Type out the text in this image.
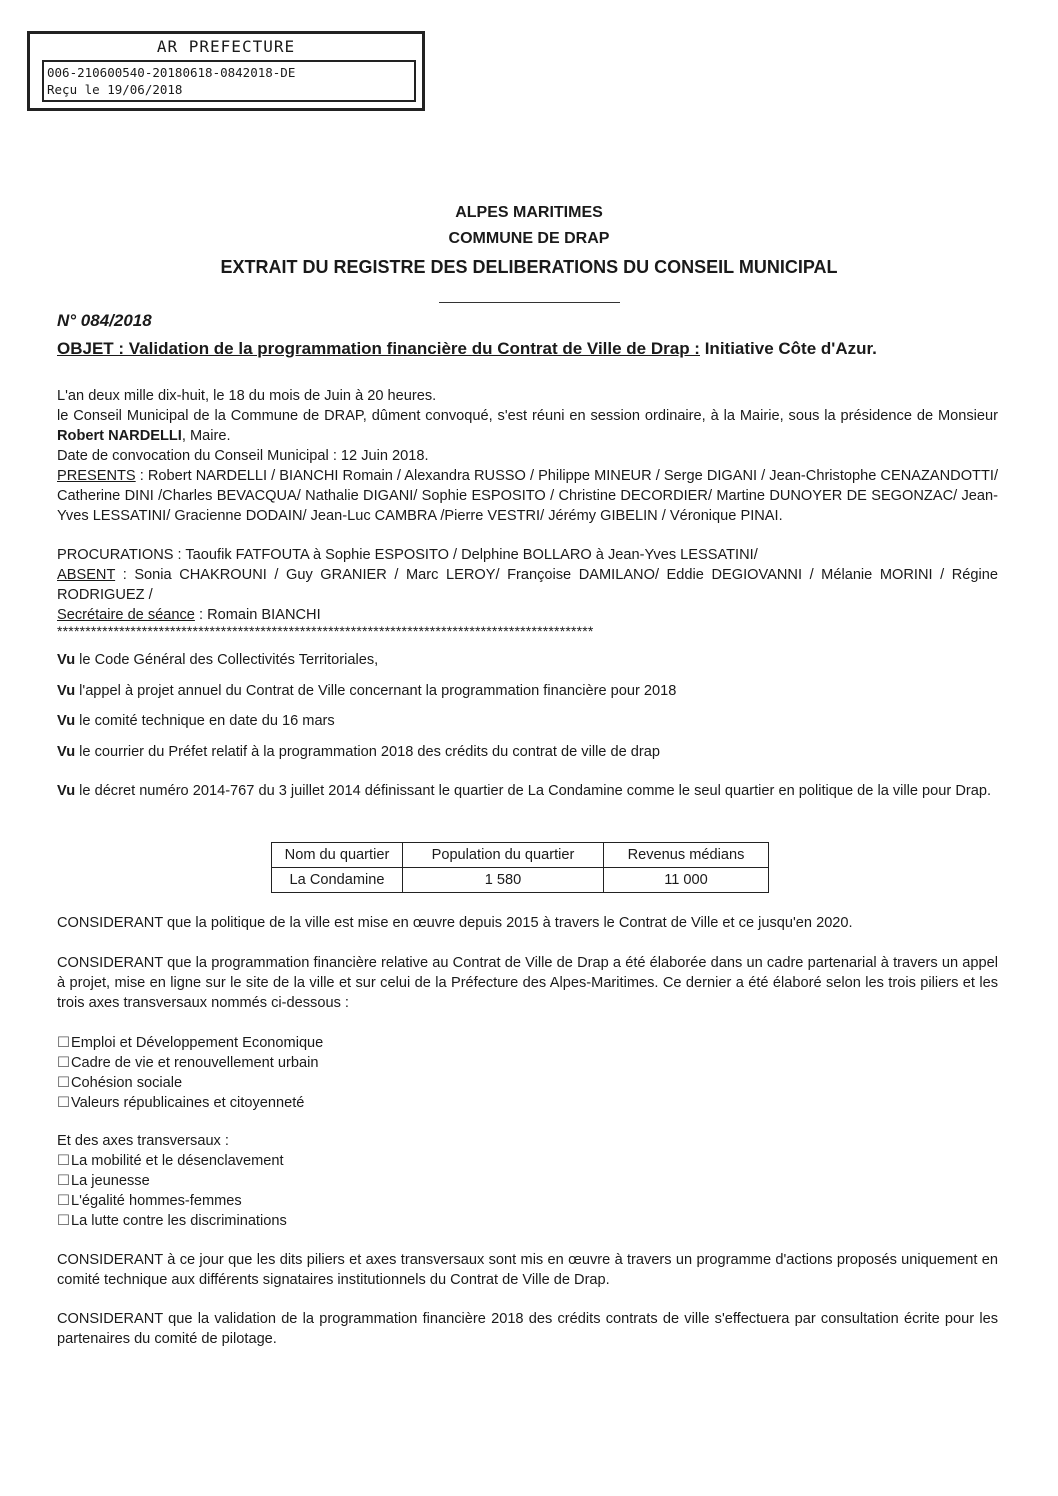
AR PREFECTURE
006-210600540-20180618-0842018-DE
Reçu le 19/06/2018
ALPES MARITIMES
COMMUNE DE DRAP
EXTRAIT DU REGISTRE DES DELIBERATIONS DU CONSEIL MUNICIPAL
N° 084/2018
OBJET : Validation de la programmation financière du Contrat de Ville de Drap : Initiative Côte d'Azur.
L'an deux mille dix-huit, le 18 du mois de Juin à 20 heures.
le Conseil Municipal de la Commune de DRAP, dûment convoqué, s'est réuni en session ordinaire, à la Mairie, sous la présidence de Monsieur Robert NARDELLI, Maire.
Date de convocation du Conseil Municipal : 12 Juin 2018.
PRESENTS : Robert NARDELLI / BIANCHI Romain / Alexandra RUSSO / Philippe MINEUR / Serge DIGANI / Jean-Christophe CENAZANDOTTI/ Catherine DINI /Charles BEVACQUA/ Nathalie DIGANI/ Sophie ESPOSITO / Christine DECORDIER/ Martine DUNOYER DE SEGONZAC/ Jean-Yves LESSATINI/ Gracienne DODAIN/ Jean-Luc CAMBRA /Pierre VESTRI/ Jérémy GIBELIN / Véronique PINAI.
PROCURATIONS : Taoufik FATFOUTA à Sophie ESPOSITO / Delphine BOLLARO à Jean-Yves LESSATINI/
ABSENT : Sonia CHAKROUNI / Guy GRANIER / Marc LEROY/ Françoise DAMILANO/ Eddie DEGIOVANNI / Mélanie MORINI / Régine RODRIGUEZ /
Secrétaire de séance : Romain BIANCHI
***********************************************************************************************
Vu le Code Général des Collectivités Territoriales,
Vu l'appel à projet annuel du Contrat de Ville concernant la programmation financière pour 2018
Vu le comité technique en date du 16 mars
Vu le courrier du Préfet relatif à la programmation 2018 des crédits du contrat de ville de drap
Vu le décret numéro 2014-767 du 3 juillet 2014 définissant le quartier de La Condamine comme le seul quartier en politique de la ville pour Drap.
Nom du quartier	Population du quartier	Revenus médians
La Condamine	1 580	11 000
CONSIDERANT que la politique de la ville est mise en œuvre depuis 2015 à travers le Contrat de Ville et ce jusqu'en 2020.
CONSIDERANT que la programmation financière relative au Contrat de Ville de Drap a été élaborée dans un cadre partenarial à travers un appel à projet, mise en ligne sur le site de la ville et sur celui de la Préfecture des Alpes-Maritimes. Ce dernier a été élaboré selon les trois piliers et les trois axes transversaux nommés ci-dessous :
☐Emploi et Développement Economique
☐Cadre de vie et renouvellement urbain
☐Cohésion sociale
☐Valeurs républicaines et citoyenneté
Et des axes transversaux :
☐La mobilité et le désenclavement
☐La jeunesse
☐L'égalité hommes-femmes
☐La lutte contre les discriminations
CONSIDERANT à ce jour que les dits piliers et axes transversaux sont mis en œuvre à travers un programme d'actions proposés uniquement en comité technique aux différents signataires institutionnels du Contrat de Ville de Drap.
CONSIDERANT que la validation de la programmation financière 2018 des crédits contrats de ville s'effectuera par consultation écrite pour les partenaires du comité de pilotage.
